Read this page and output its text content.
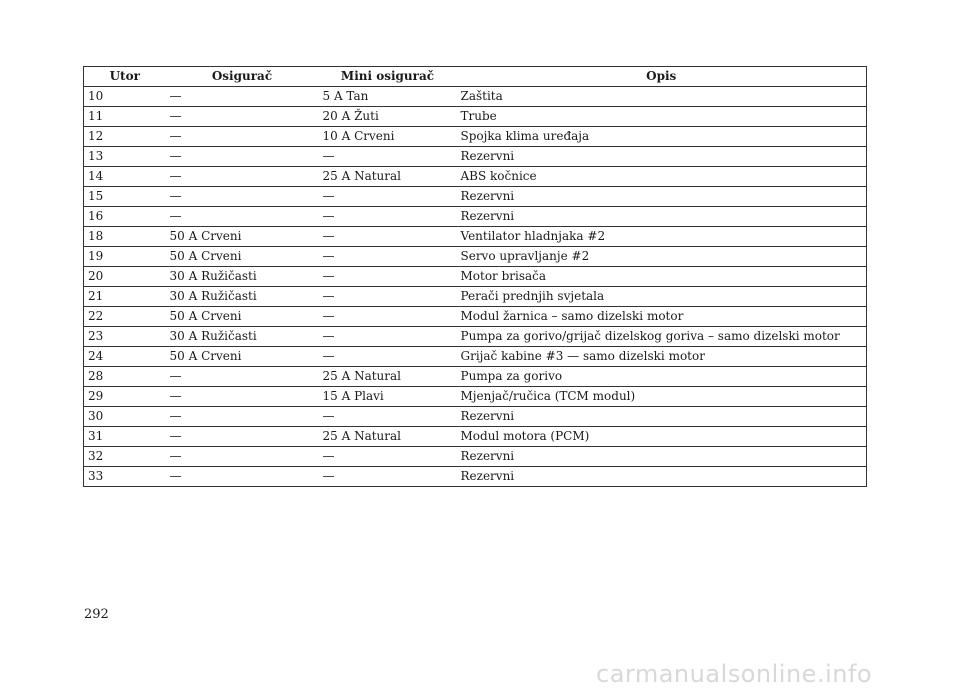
Utor	Osigurač	Mini osigurač	Opis
10	—	5 A Tan	Zaštita
11	—	20 A Žuti	Trube
12	—	10 A Crveni	Spojka klima uređaja
13	—	—	Rezervni
14	—	25 A Natural	ABS kočnice
15	—	—	Rezervni
16	—	—	Rezervni
18	50 A Crveni	—	Ventilator hladnjaka #2
19	50 A Crveni	—	Servo upravljanje #2
20	30 A Ružičasti	—	Motor brisača
21	30 A Ružičasti	—	Perači prednjih svjetala
22	50 A Crveni	—	Modul žarnica – samo dizelski motor
23	30 A Ružičasti	—	Pumpa za gorivo/grijač dizelskog goriva – samo dizelski motor
24	50 A Crveni	—	Grijač kabine #3 — samo dizelski motor
28	—	25 A Natural	Pumpa za gorivo
29	—	15 A Plavi	Mjenjač/ručica (TCM modul)
30	—	—	Rezervni
31	—	25 A Natural	Modul motora (PCM)
32	—	—	Rezervni
33	—	—	Rezervni
292
carmanualsonline.info
